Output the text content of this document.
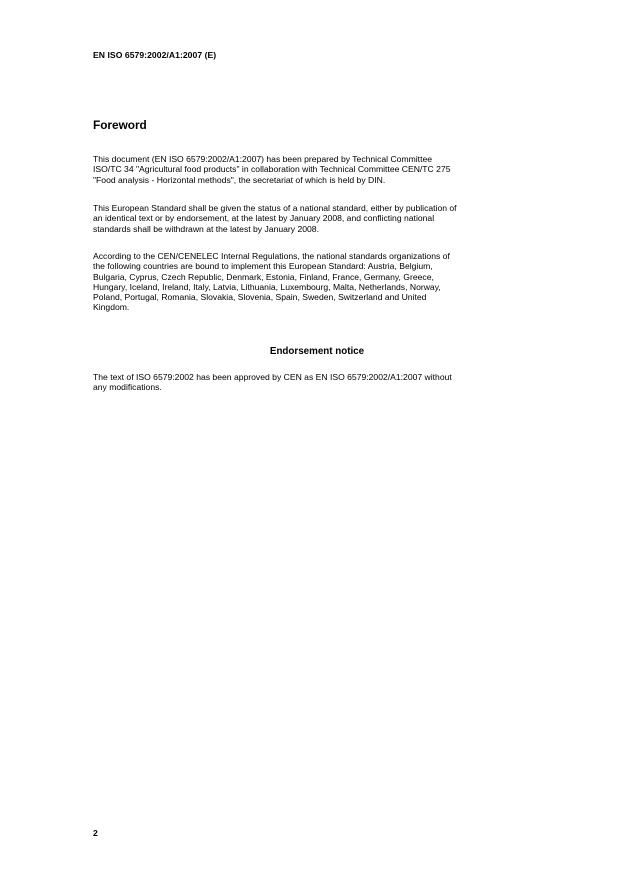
EN ISO 6579:2002/A1:2007 (E)
Foreword

This document (EN ISO 6579:2002/A1:2007) has been prepared by Technical Committee
ISO/TC 34 "Agricultural food products" in collaboration with Technical Committee CEN/TC 275
"Food analysis - Horizontal methods", the secretariat of which is held by DIN.

This European Standard shall be given the status of a national standard, either by publication of
an identical text or by endorsement, at the latest by January 2008, and conflicting national
standards shall be withdrawn at the latest by January 2008.

According to the CEN/CENELEC Internal Regulations, the national standards organizations of
the following countries are bound to implement this European Standard: Austria, Belgium,
Bulgaria, Cyprus, Czech Republic, Denmark, Estonia, Finland, France, Germany, Greece,
Hungary, Iceland, Ireland, Italy, Latvia, Lithuania, Luxembourg, Malta, Netherlands, Norway,
Poland, Portugal, Romania, Slovakia, Slovenia, Spain, Sweden, Switzerland and United
Kingdom.

Endorsement notice

The text of ISO 6579:2002 has been approved by CEN as EN ISO 6579:2002/A1:2007 without
any modifications.

2
